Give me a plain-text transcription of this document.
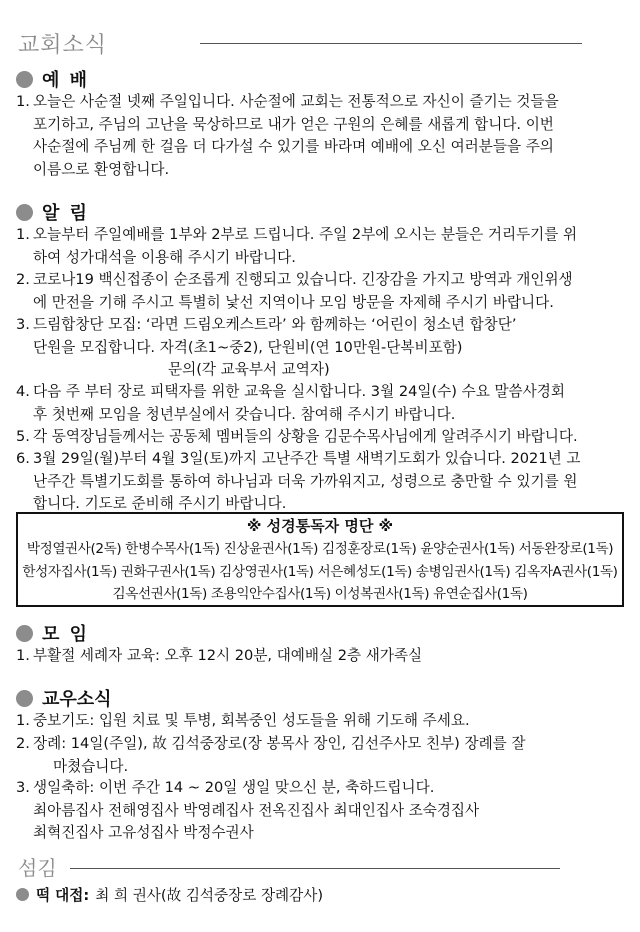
교회소식
예 배
1. 오늘은 사순절 넷째 주일입니다. 사순절에 교회는 전통적으로 자신이 즐기는 것들을
포기하고, 주님의 고난을 묵상하므로 내가 얻은 구원의 은혜를 새롭게 합니다. 이번
사순절에 주님께 한 걸음 더 다가설 수 있기를 바라며 예배에 오신 여러분들을 주의
이름으로 환영합니다.
알 림
1. 오늘부터 주일예배를 1부와 2부로 드립니다. 주일 2부에 오시는 분들은 거리두기를 위
하여 성가대석을 이용해 주시기 바랍니다.
2. 코로나19 백신접종이 순조롭게 진행되고 있습니다. 긴장감을 가지고 방역과 개인위생
에 만전을 기해 주시고 특별히 낯선 지역이나 모임 방문을 자제해 주시기 바랍니다.
3. 드림합창단 모집: ‘라면 드림오케스트라’ 와 함께하는 ‘어린이 청소년 합창단’
단원을 모집합니다. 자격(초1~중2), 단원비(연 10만원-단복비포함)
문의(각 교육부서 교역자)
4. 다음 주 부터 장로 피택자를 위한 교육을 실시합니다. 3월 24일(수) 수요 말씀사경회
후 첫번째 모임을 청년부실에서 갖습니다. 참여해 주시기 바랍니다.
5. 각 동역장님들께서는 공동체 멤버들의 상황을 김문수목사님에게 알려주시기 바랍니다.
6. 3월 29일(월)부터 4월 3일(토)까지 고난주간 특별 새벽기도회가 있습니다. 2021년 고
난주간 특별기도회를 통하여 하나님과 더욱 가까워지고, 성령으로 충만할 수 있기를 원
합니다. 기도로 준비해 주시기 바랍니다.
※ 성경통독자 명단 ※
박정열권사(2독) 한병수목사(1독) 진상윤권사(1독) 김정훈장로(1독) 윤양순권사(1독) 서동완장로(1독)
한성자집사(1독) 권화구권사(1독) 김상영권사(1독) 서은혜성도(1독) 송병임권사(1독) 김옥자A권사(1독)
김옥선권사(1독) 조용익안수집사(1독) 이성복권사(1독) 유연순집사(1독)
모 임
1. 부활절 세례자 교육: 오후 12시 20분, 대예배실 2층 새가족실
교우소식
1. 중보기도: 입원 치료 및 투병, 회복중인 성도들을 위해 기도해 주세요.
2. 장례: 14일(주일), 故 김석중장로(장 봉목사 장인, 김선주사모 친부) 장례를 잘
마쳤습니다.
3. 생일축하: 이번 주간 14 ~ 20일 생일 맞으신 분, 축하드립니다.
최아름집사 전해영집사 박영례집사 전옥진집사 최대인집사 조숙경집사
최혁진집사 고유성집사 박정수권사
섬김
떡 대접: 최 희 권사(故 김석중장로 장례감사)
